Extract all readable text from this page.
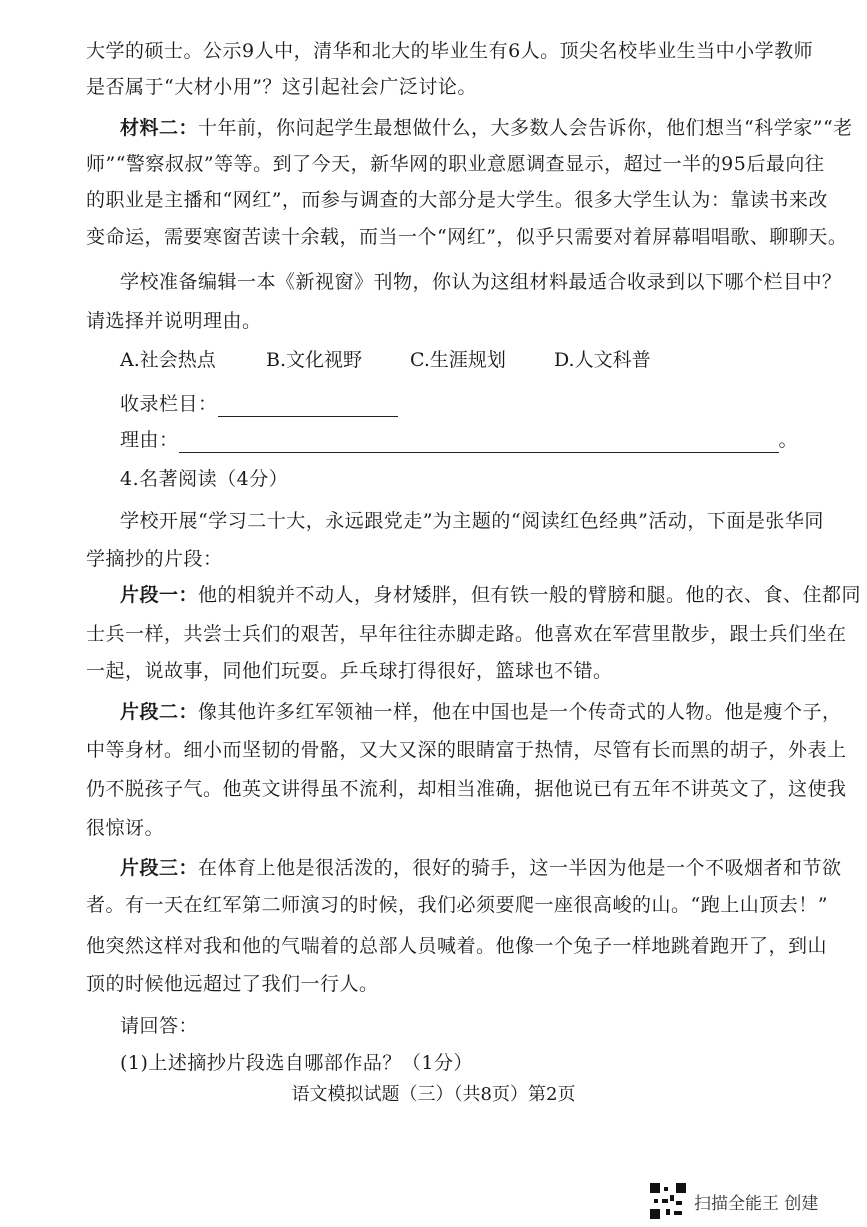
大学的硕士。公示9人中，清华和北大的毕业生有6人。顶尖名校毕业生当中小学教师
是否属于“大材小用”？这引起社会广泛讨论。
材料二：十年前，你问起学生最想做什么，大多数人会告诉你，他们想当“科学家”“老
师”“警察叔叔”等等。到了今天，新华网的职业意愿调查显示，超过一半的95后最向往
的职业是主播和“网红”，而参与调查的大部分是大学生。很多大学生认为：靠读书来改
变命运，需要寒窗苦读十余载，而当一个“网红”，似乎只需要对着屏幕唱唱歌、聊聊天。
学校准备编辑一本《新视窗》刊物，你认为这组材料最适合收录到以下哪个栏目中？
请选择并说明理由。
A.社会热点	B.文化视野	C.生涯规划	D.人文科普
收录栏目：
理由：	。
4.名著阅读（4分）
学校开展“学习二十大，永远跟党走”为主题的“阅读红色经典”活动，下面是张华同
学摘抄的片段：
片段一：他的相貌并不动人，身材矮胖，但有铁一般的臂膀和腿。他的衣、食、住都同
士兵一样，共尝士兵们的艰苦，早年往往赤脚走路。他喜欢在军营里散步，跟士兵们坐在
一起，说故事，同他们玩耍。乒乓球打得很好，篮球也不错。
片段二：像其他许多红军领袖一样，他在中国也是一个传奇式的人物。他是瘦个子，
中等身材。细小而坚韧的骨骼，又大又深的眼睛富于热情，尽管有长而黑的胡子，外表上
仍不脱孩子气。他英文讲得虽不流利，却相当准确，据他说已有五年不讲英文了，这使我
很惊讶。
片段三：在体育上他是很活泼的，很好的骑手，这一半因为他是一个不吸烟者和节欲
者。有一天在红军第二师演习的时候，我们必须要爬一座很高峻的山。“跑上山顶去！”
他突然这样对我和他的气喘着的总部人员喊着。他像一个兔子一样地跳着跑开了，到山
顶的时候他远超过了我们一行人。
请回答：
(1)上述摘抄片段选自哪部作品？（1分）
语文模拟试题（三）（共8页）第2页
扫描全能王 创建
